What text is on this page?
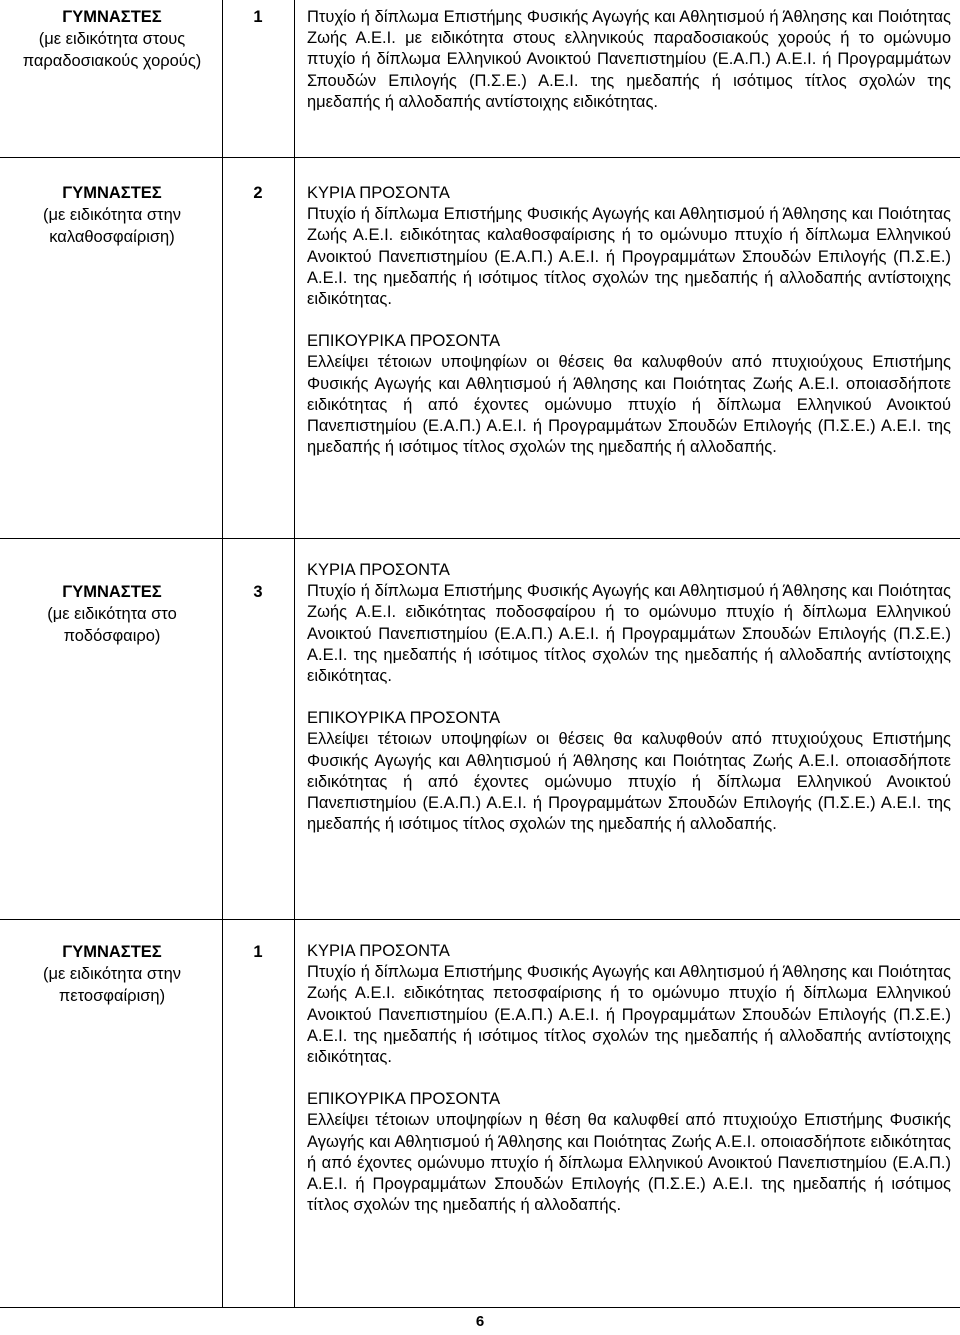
ΓΥΜΝΑΣΤΕΣ
(με ειδικότητα στους παραδοσιακούς χορούς)
1	Πτυχίο ή δίπλωμα Επιστήμης Φυσικής Αγωγής και Αθλητισμού ή Άθλησης και Ποιότητας Ζωής Α.Ε.Ι. με ειδικότητα στους ελληνικούς παραδοσιακούς χορούς ή το ομώνυμο πτυχίο ή δίπλωμα Ελληνικού Ανοικτού Πανεπιστημίου (Ε.Α.Π.) Α.Ε.Ι. ή Προγραμμάτων Σπουδών Επιλογής (Π.Σ.Ε.) Α.Ε.Ι. της ημεδαπής ή ισότιμος τίτλος σχολών της ημεδαπής ή αλλοδαπής αντίστοιχης ειδικότητας.

ΓΥΜΝΑΣΤΕΣ
(με ειδικότητα στην καλαθοσφαίριση)
2	ΚΥΡΙΑ ΠΡΟΣΟΝΤΑ

Πτυχίο ή δίπλωμα Επιστήμης Φυσικής Αγωγής και Αθλητισμού ή Άθλησης και Ποιότητας Ζωής Α.Ε.Ι. ειδικότητας καλαθοσφαίρισης ή το ομώνυμο πτυχίο ή δίπλωμα Ελληνικού Ανοικτού Πανεπιστημίου (Ε.Α.Π.) Α.Ε.Ι. ή Προγραμμάτων Σπουδών Επιλογής (Π.Σ.Ε.) Α.Ε.Ι. της ημεδαπής ή ισότιμος τίτλος σχολών της ημεδαπής ή αλλοδαπής αντίστοιχης ειδικότητας.

ΕΠΙΚΟΥΡΙΚΑ ΠΡΟΣΟΝΤΑ

Ελλείψει τέτοιων υποψηφίων οι θέσεις θα καλυφθούν από πτυχιούχους Επιστήμης Φυσικής Αγωγής και Αθλητισμού ή Άθλησης και Ποιότητας Ζωής Α.Ε.Ι. οποιασδήποτε ειδικότητας ή από έχοντες ομώνυμο πτυχίο ή δίπλωμα Ελληνικού Ανοικτού Πανεπιστημίου (Ε.Α.Π.) Α.Ε.Ι. ή Προγραμμάτων Σπουδών Επιλογής (Π.Σ.Ε.) Α.Ε.Ι. της ημεδαπής ή ισότιμος τίτλος σχολών της ημεδαπής ή αλλοδαπής.

ΓΥΜΝΑΣΤΕΣ
(με ειδικότητα στο ποδόσφαιρο)
3
ΚΥΡΙΑ ΠΡΟΣΟΝΤΑ

Πτυχίο ή δίπλωμα Επιστήμης Φυσικής Αγωγής και Αθλητισμού ή Άθλησης και Ποιότητας Ζωής Α.Ε.Ι. ειδικότητας ποδοσφαίρου ή το ομώνυμο πτυχίο ή δίπλωμα Ελληνικού Ανοικτού Πανεπιστημίου (Ε.Α.Π.) Α.Ε.Ι. ή Προγραμμάτων Σπουδών Επιλογής (Π.Σ.Ε.) Α.Ε.Ι. της ημεδαπής ή ισότιμος τίτλος σχολών της ημεδαπής ή αλλοδαπής αντίστοιχης ειδικότητας.

ΕΠΙΚΟΥΡΙΚΑ ΠΡΟΣΟΝΤΑ

Ελλείψει τέτοιων υποψηφίων οι θέσεις θα καλυφθούν από πτυχιούχους Επιστήμης Φυσικής Αγωγής και Αθλητισμού ή Άθλησης και Ποιότητας Ζωής Α.Ε.Ι. οποιασδήποτε ειδικότητας ή από έχοντες ομώνυμο πτυχίο ή δίπλωμα Ελληνικού Ανοικτού Πανεπιστημίου (Ε.Α.Π.) Α.Ε.Ι. ή Προγραμμάτων Σπουδών Επιλογής (Π.Σ.Ε.) Α.Ε.Ι. της ημεδαπής ή ισότιμος τίτλος σχολών της ημεδαπής ή αλλοδαπής.

ΓΥΜΝΑΣΤΕΣ
(με ειδικότητα στην πετοσφαίριση)
1	ΚΥΡΙΑ ΠΡΟΣΟΝΤΑ

Πτυχίο ή δίπλωμα Επιστήμης Φυσικής Αγωγής και Αθλητισμού ή Άθλησης και Ποιότητας Ζωής Α.Ε.Ι. ειδικότητας πετοσφαίρισης ή το ομώνυμο πτυχίο ή δίπλωμα Ελληνικού Ανοικτού Πανεπιστημίου (Ε.Α.Π.) Α.Ε.Ι. ή Προγραμμάτων Σπουδών Επιλογής (Π.Σ.Ε.) Α.Ε.Ι. της ημεδαπής ή ισότιμος τίτλος σχολών της ημεδαπής ή αλλοδαπής αντίστοιχης ειδικότητας.

ΕΠΙΚΟΥΡΙΚΑ ΠΡΟΣΟΝΤΑ

Ελλείψει τέτοιων υποψηφίων η θέση θα καλυφθεί από πτυχιούχο Επιστήμης Φυσικής Αγωγής και Αθλητισμού ή Άθλησης και Ποιότητας Ζωής Α.Ε.Ι. οποιασδήποτε ειδικότητας ή από έχοντες ομώνυμο πτυχίο ή δίπλωμα Ελληνικού Ανοικτού Πανεπιστημίου (Ε.Α.Π.) Α.Ε.Ι. ή Προγραμμάτων Σπουδών Επιλογής (Π.Σ.Ε.) Α.Ε.Ι. της ημεδαπής ή ισότιμος τίτλος σχολών της ημεδαπής ή αλλοδαπής.

6
